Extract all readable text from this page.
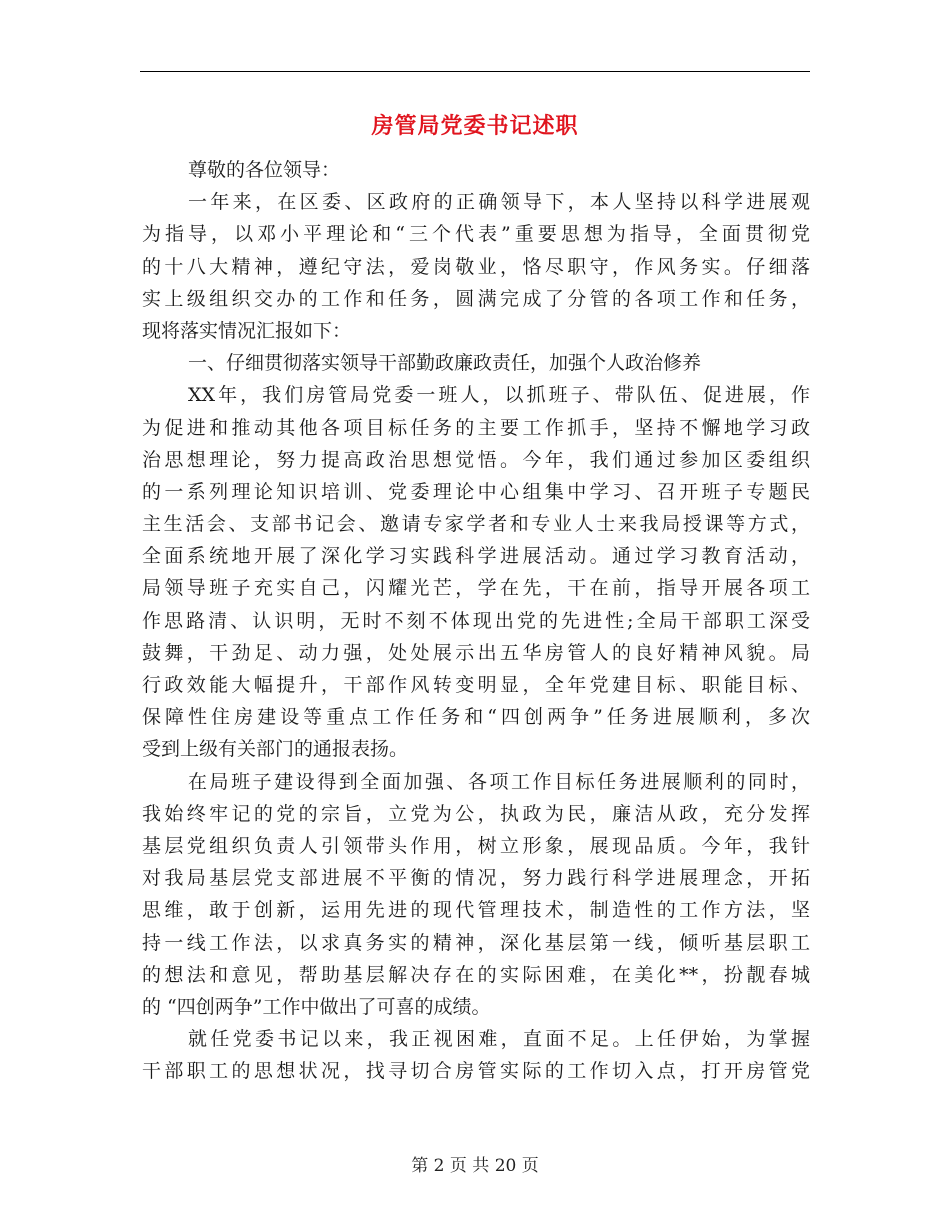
房管局党委书记述职
尊敬的各位领导：
一年来，在区委、区政府的正确领导下，本人坚持以科学进展观
为指导，以邓小平理论和“三个代表”重要思想为指导，全面贯彻党
的十八大精神，遵纪守法，爱岗敬业，恪尽职守，作风务实。仔细落
实上级组织交办的工作和任务，圆满完成了分管的各项工作和任务，
现将落实情况汇报如下：
一、仔细贯彻落实领导干部勤政廉政责任，加强个人政治修养
XX年，我们房管局党委一班人，以抓班子、带队伍、促进展，作
为促进和推动其他各项目标任务的主要工作抓手，坚持不懈地学习政
治思想理论，努力提高政治思想觉悟。今年，我们通过参加区委组织
的一系列理论知识培训、党委理论中心组集中学习、召开班子专题民
主生活会、支部书记会、邀请专家学者和专业人士来我局授课等方式，
全面系统地开展了深化学习实践科学进展活动。通过学习教育活动，
局领导班子充实自己，闪耀光芒，学在先，干在前，指导开展各项工
作思路清、认识明，无时不刻不体现出党的先进性;全局干部职工深受
鼓舞，干劲足、动力强，处处展示出五华房管人的良好精神风貌。局
行政效能大幅提升，干部作风转变明显，全年党建目标、职能目标、
保障性住房建设等重点工作任务和“四创两争”任务进展顺利，多次
受到上级有关部门的通报表扬。
在局班子建设得到全面加强、各项工作目标任务进展顺利的同时，
我始终牢记的党的宗旨，立党为公，执政为民，廉洁从政，充分发挥
基层党组织负责人引领带头作用，树立形象，展现品质。今年，我针
对我局基层党支部进展不平衡的情况，努力践行科学进展理念，开拓
思维，敢于创新，运用先进的现代管理技术，制造性的工作方法，坚
持一线工作法，以求真务实的精神，深化基层第一线，倾听基层职工
的想法和意见，帮助基层解决存在的实际困难，在美化**，扮靓春城
的 “四创两争”工作中做出了可喜的成绩。
就任党委书记以来，我正视困难，直面不足。上任伊始，为掌握
干部职工的思想状况，找寻切合房管实际的工作切入点，打开房管党
第 2 页 共 20 页
